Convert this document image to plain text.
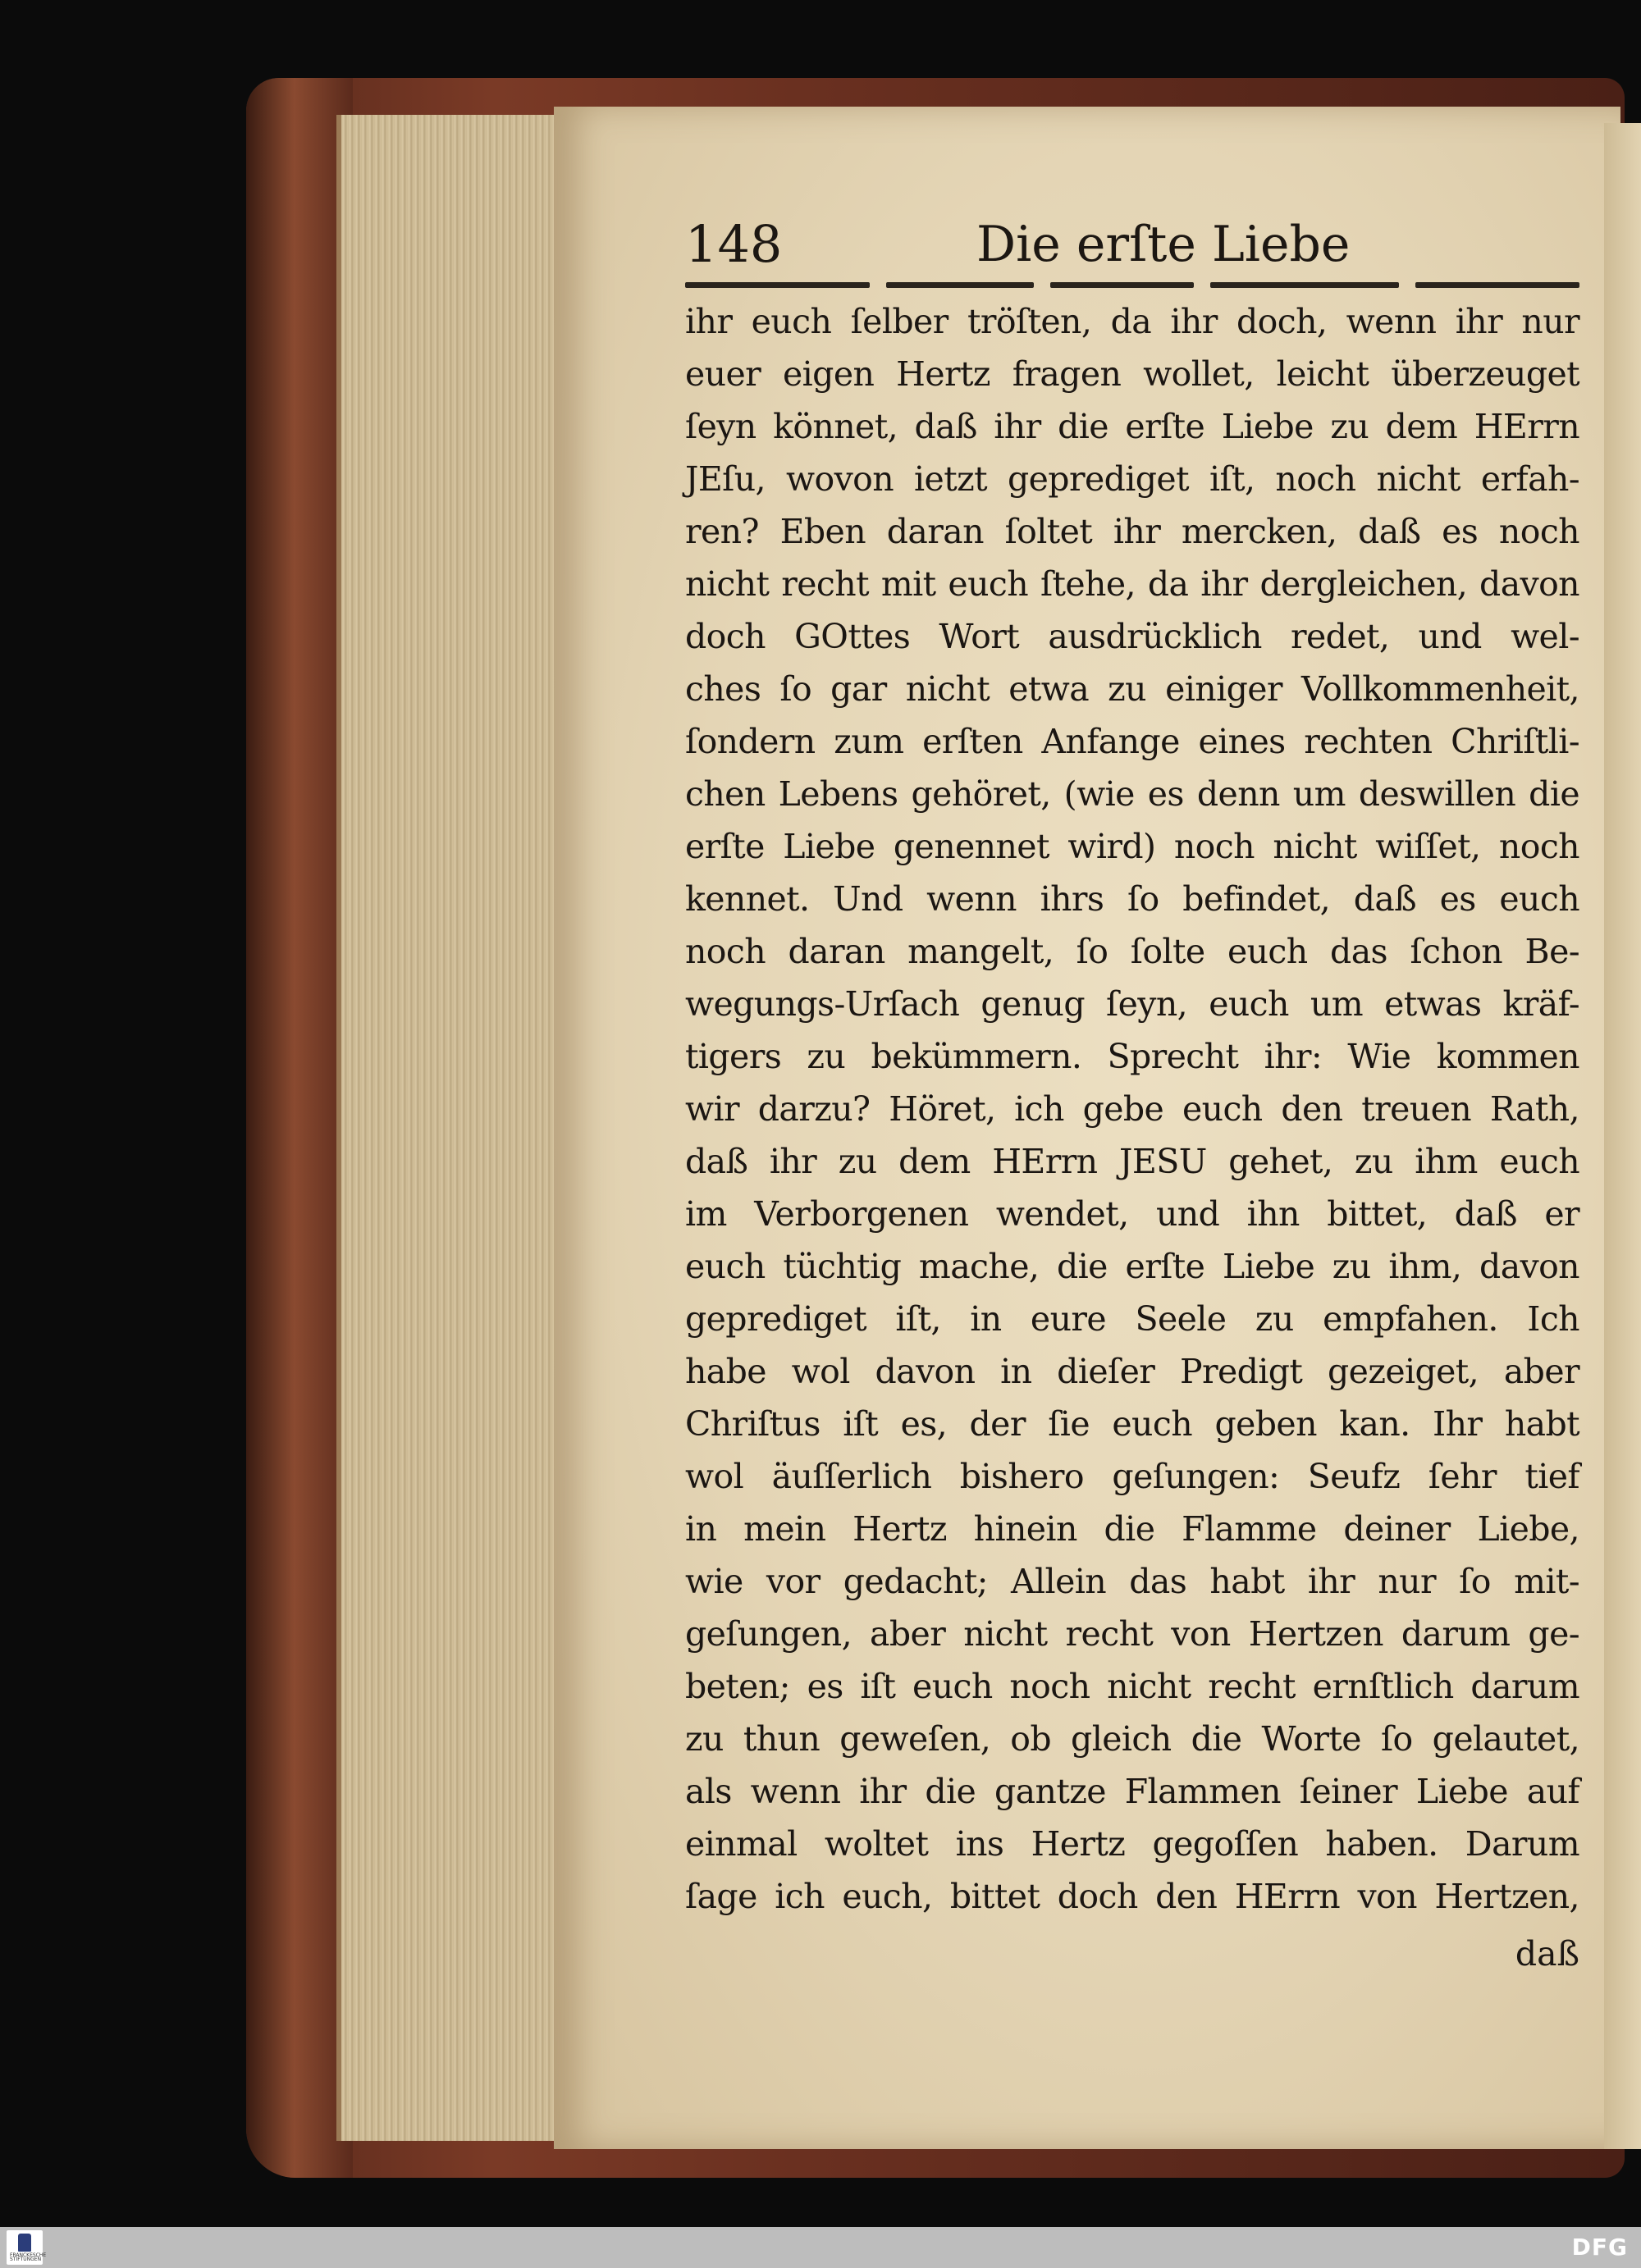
148	Die erſte Liebe
ihr euch ſelber tröſten, da ihr doch, wenn ihr nur
euer eigen Hertz fragen wollet, leicht überzeuget
ſeyn könnet, daß ihr die erſte Liebe zu dem HErrn
JEſu, wovon ietzt geprediget iſt, noch nicht erfah-
ren? Eben daran ſoltet ihr mercken, daß es noch
nicht recht mit euch ſtehe, da ihr dergleichen, davon
doch GOttes Wort ausdrücklich redet, und wel-
ches ſo gar nicht etwa zu einiger Vollkommenheit,
ſondern zum erſten Anfange eines rechten Chriſtli-
chen Lebens gehöret, (wie es denn um deswillen die
erſte Liebe genennet wird) noch nicht wiſſet, noch
kennet. Und wenn ihrs ſo befindet, daß es euch
noch daran mangelt, ſo ſolte euch das ſchon Be-
wegungs-Urſach genug ſeyn, euch um etwas kräf-
tigers zu bekümmern. Sprecht ihr: Wie kommen
wir darzu? Höret, ich gebe euch den treuen Rath,
daß ihr zu dem HErrn JESU gehet, zu ihm euch
im Verborgenen wendet, und ihn bittet, daß er
euch tüchtig mache, die erſte Liebe zu ihm, davon
geprediget iſt, in eure Seele zu empfahen. Ich
habe wol davon in dieſer Predigt gezeiget, aber
Chriſtus iſt es, der ſie euch geben kan. Ihr habt
wol äuſſerlich bishero geſungen: Seufz ſehr tief
in mein Hertz hinein die Flamme deiner Liebe,
wie vor gedacht; Allein das habt ihr nur ſo mit-
geſungen, aber nicht recht von Hertzen darum ge-
beten; es iſt euch noch nicht recht ernſtlich darum
zu thun geweſen, ob gleich die Worte ſo gelautet,
als wenn ihr die gantze Flammen ſeiner Liebe auf
einmal woltet ins Hertz gegoſſen haben. Darum
ſage ich euch, bittet doch den HErrn von Hertzen,
daß
FRANCKESCHE STIFTUNGEN	DFG
